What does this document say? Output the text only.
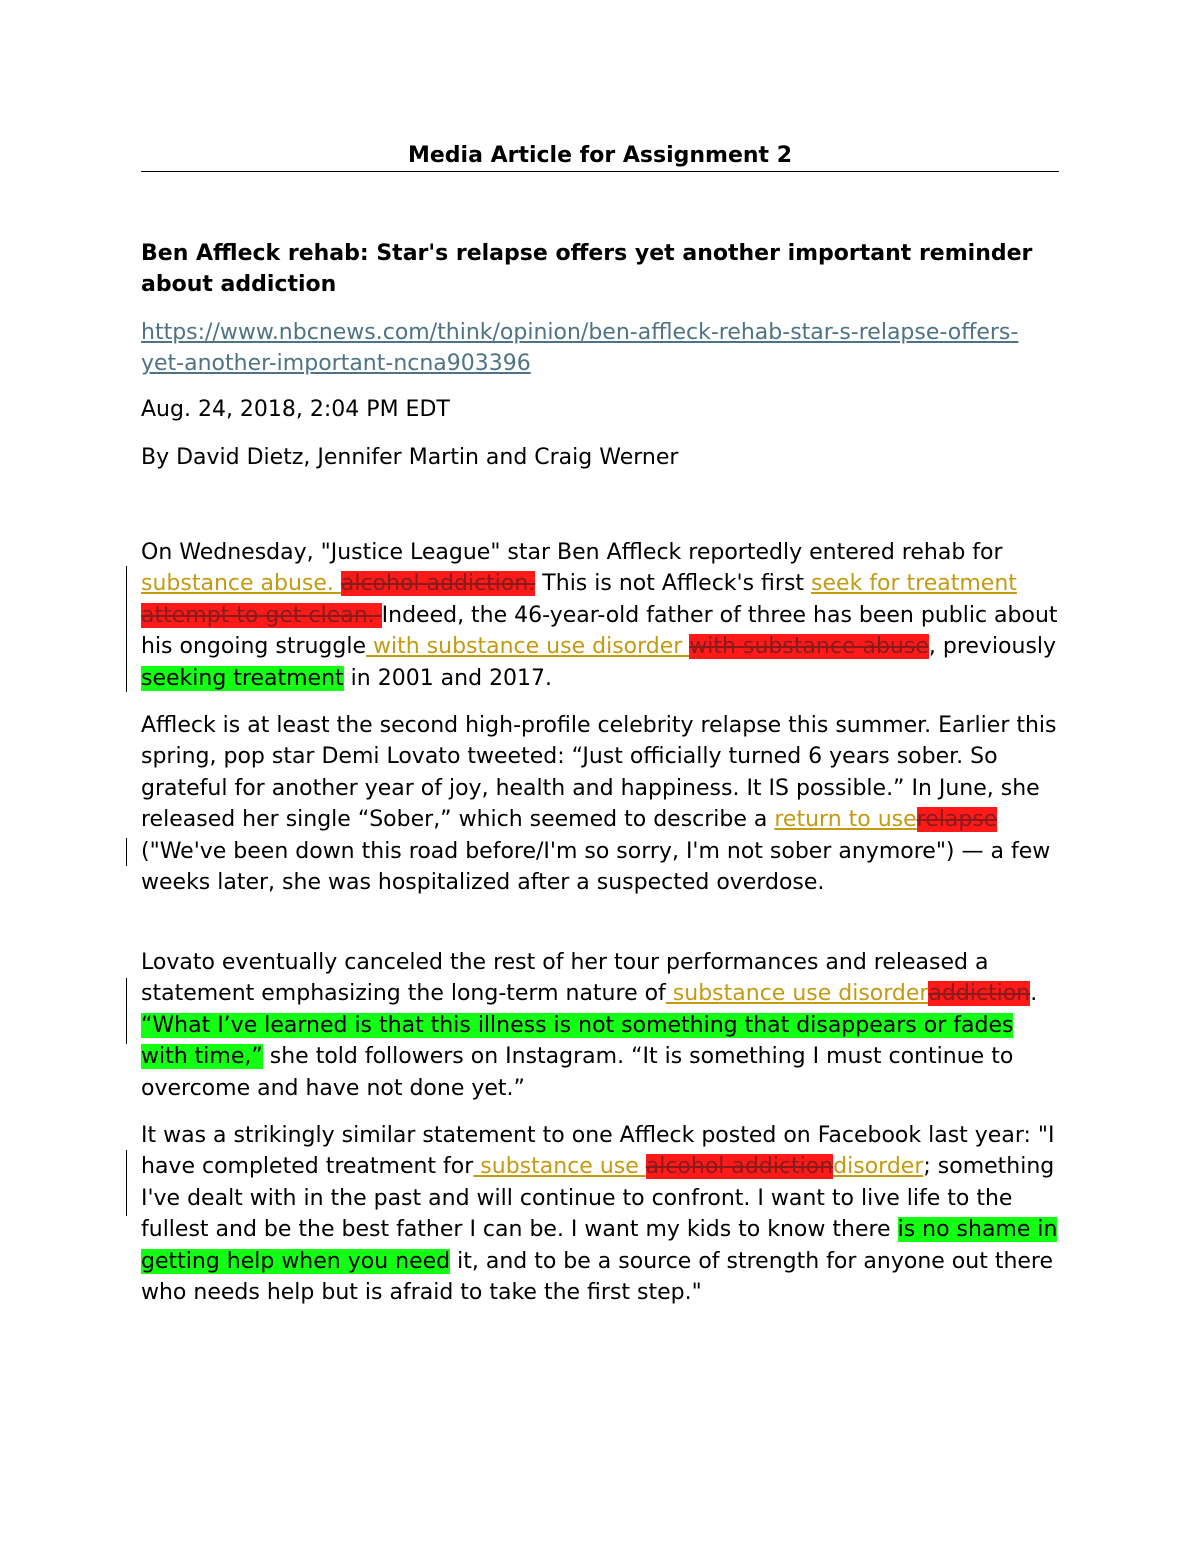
Media Article for Assignment 2
Ben Affleck rehab: Star's relapse offers yet another important reminder about addiction
https://www.nbcnews.com/think/opinion/ben-affleck-rehab-star-s-relapse-offers-yet-another-important-ncna903396
Aug. 24, 2018, 2:04 PM EDT
By David Dietz, Jennifer Martin and Craig Werner
On Wednesday, "Justice League" star Ben Affleck reportedly entered rehab for substance abuse. alcohol addiction. This is not Affleck's first seek for treatment attempt to get clean. Indeed, the 46-year-old father of three has been public about his ongoing struggle with substance use disorder with substance abuse, previously seeking treatment in 2001 and 2017.
Affleck is at least the second high-profile celebrity relapse this summer. Earlier this spring, pop star Demi Lovato tweeted: “Just officially turned 6 years sober. So grateful for another year of joy, health and happiness. It IS possible.” In June, she released her single “Sober,” which seemed to describe a return to userelapse ("We've been down this road before/I'm so sorry, I'm not sober anymore") — a few weeks later, she was hospitalized after a suspected overdose.
Lovato eventually canceled the rest of her tour performances and released a statement emphasizing the long-term nature of substance use disorderaddiction. “What I’ve learned is that this illness is not something that disappears or fades with time,” she told followers on Instagram. “It is something I must continue to overcome and have not done yet.”
It was a strikingly similar statement to one Affleck posted on Facebook last year: "I have completed treatment for substance use alcohol addictiondisorder; something I've dealt with in the past and will continue to confront. I want to live life to the fullest and be the best father I can be. I want my kids to know there is no shame in getting help when you need it, and to be a source of strength for anyone out there who needs help but is afraid to take the first step."
